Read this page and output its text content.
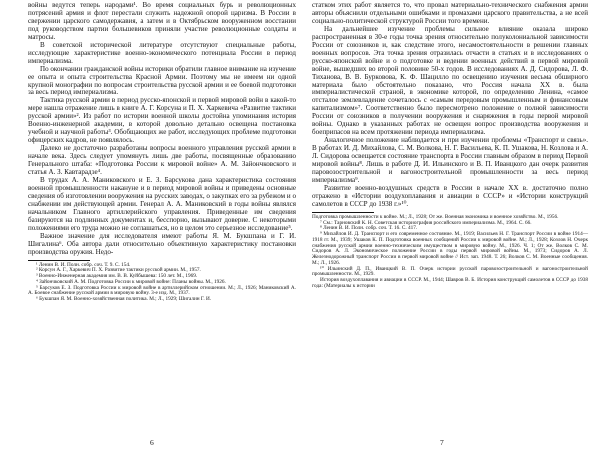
войны ведутся теперь народами¹. Во время социальных бурь и революционных потрясений армия и флот перестали служить надежной опорой царизма. В России в свержении царского самодержавия, а затем и в Октябрьском вооруженном восстании под руководством партии большевиков приняли участие революционные солдаты и матросы.

В советской исторической литературе отсутствуют специальные работы, исследующие характеристике военно-экономического потенциала России в период империализма.

По окончании гражданской войны историки обратили главное внимание на изучение ее опыта и опыта строительства Красной Армии. Поэтому мы не имеем ни одной крупной монографии по вопросам строительства русской армии и ее боевой подготовки за весь период империализма.

Тактика русской армии в период русско-японской и первой мировой войн в какой-то мере нашла отражение лишь в книге А. Г. Корсуна и П. Х. Харкевича «Развитие тактики русской армии»². Из работ по истории военной школы достойна упоминания история Военно-инженерной академии, в которой довольно детально освещена постановка учебной и научной работы³. Обобщающих же работ, исследующих проблеме подготовки офицерских кадров, не появлялось.

Далеко не достаточно разработаны вопросы военного управления русской армии в начале века. Здесь следует упомянуть лишь две работы, посвященные образованию Генерального штаба: «Подготовка России к мировой войне» А. М. Зайончковского и статья А. З. Кавтарадзе⁴.

В трудах А. А. Маниковского и Е. З. Барсукова дана характеристика состояния военной промышленности накануне и в период мировой войны и приведены основные сведения об изготовлении вооружения на русских заводах, о закупках его за рубежом и о снабжении им действующей армии. Генерал А. А. Маниковский в годы войны являлся начальником Главного артиллерийского управления. Приведенные им сведения базируются на подлинных документах и, бесспорно, вызывают доверие. С некоторыми положениями его труда можно не соглашаться, но в целом это серьезное исследование⁵.

Важное значение для исследователя имеют работы Я. М. Букшпана и Г. И. Шигалина⁶. Оба автора дали относительно объективную характеристику постановки производства оружия. Недо-

¹ Ленин В. И. Полн. собр. соч. Т. 9. С. 154.

² Корсун А. Г., Харкевич П. Х. Развитие тактики русской армии. М., 1957.

³ Военно-Инженерная академия им. В. В. Куйбышева: 150 лет. М., 1969.

⁴ Зайончковский А. М. Подготовка России к мировой войне: Планы войны. М., 1926.

⁵ Барсуков Е. З. Подготовка России к мировой войне в артиллерийском отношении. М.; Л., 1926; Маниковский А. А. Боевое снабжение русской армии в мировую войну. 3-е изд. М., 1937.

⁶ Букшпан Я. М. Военно-хозяйственная политика. М.; Л., 1929; Шигалин Г. И.

6

статком этих работ является то, что провал материально-технического снабжения армии авторы объяснили отдельными ошибками и промахами царского правительства, а не всей социально-политической структурой России того времени.

На дальнейшее изучение проблемы сильное влияние оказала широко распространенная в 30-е годы точка зрения относительно полуколониальной зависимости России от союзников и, как следствие этого, несамостоятельности в решении главных военных вопросов. Эта точка зрения отразилась отчасти в статьях и в исследованиях о русско-японской войне и о подготовке и ведении военных действий в первой мировой войне, вышедших во второй половине 50-х годов. В исследованиях А. Д. Сидорова, Л. Ф. Тиханова, В. В. Бурковова, К. Ф. Шацилло по освещению изучения весьма обширного материала было обстоятельно показано, что Россия начала XX в. была империалистической страной, в экономике которой, по определению Ленина, «самое отсталое землевладение сочеталось с «самым передовым промышленным и финансовым капитализмом»⁷. Соответственно было пересмотрено положение о полной зависимости России от союзников в получении вооружения и снаряжения в годы первой мировой войны. Однако в указанных работах не освещен вопрос производства вооружения и боеприпасов на всем протяжении периода империализма.

Аналогичное положение наблюдается и при изучении проблемы «Транспорт и связь». В работах И. Д. Михайлова, С. М. Волкова, Н. Г. Васильева, К. П. Ушакова, Н. Козлова и А. Л. Сидорова освещается состояние транспорта в России главным образом в период Первой мировой войны⁸. Лишь в работе Д. И. Ильинского и В. П. Иванцкого дан очерк развития паровозостроительной и вагоностроительной промышленности за весь период империализма⁹.

Развитие военно-воздушных средств в России в начале XX в. достаточно полно отражено в «Истории воздухоплавания и авиации в СССР» и «Истории конструкций самолетов в СССР до 1938 г.»¹⁰.

Подготовка промышленности к войне. М.; Л., 1928; От же. Военная экономика и военное хозяйство. М., 1956.

⁷ См.: Тарновский К. Н. Советская историография российского империализма. М., 1964. С. 66.

⁸ Ленин В. И. Полн. собр. соч. Т. 16. С. 417.

⁹ Михайлов И. Д. Транспорт и его современное состояние. М., 1919; Васильев Н. Г. Транспорт России в войне 1914—1918 гг. М., 1939; Ушаков К. П. Подготовка военных сообщений России к мировой войне. М.; Л., 1928; Козлов Н. Очерк снабжения русской армии военно-техническим имуществом в мировую войну. М., 1926. Ч. 1; От же. Волков С. М. Сидоров А. Л. Экономическое положение России в годы первой мировой войны. М., 1973; Сидоров А. Л. Железнодорожный транспорт России в первой мировой войне // Ист. зап. 1948. Т. 26; Волков С. М. Военные сообщения. М.; Л., 1926.

¹⁰ Ильинский Д. П., Иванцкий В. П. Очерк истории русской паровозостроительной и вагоностроительной промышленности. М., 1929.

История воздухоплавания и авиации в СССР. М., 1944; Шавров В. Б. История конструкций самолетов в СССР до 1938 года: (Материалы к истории

7
